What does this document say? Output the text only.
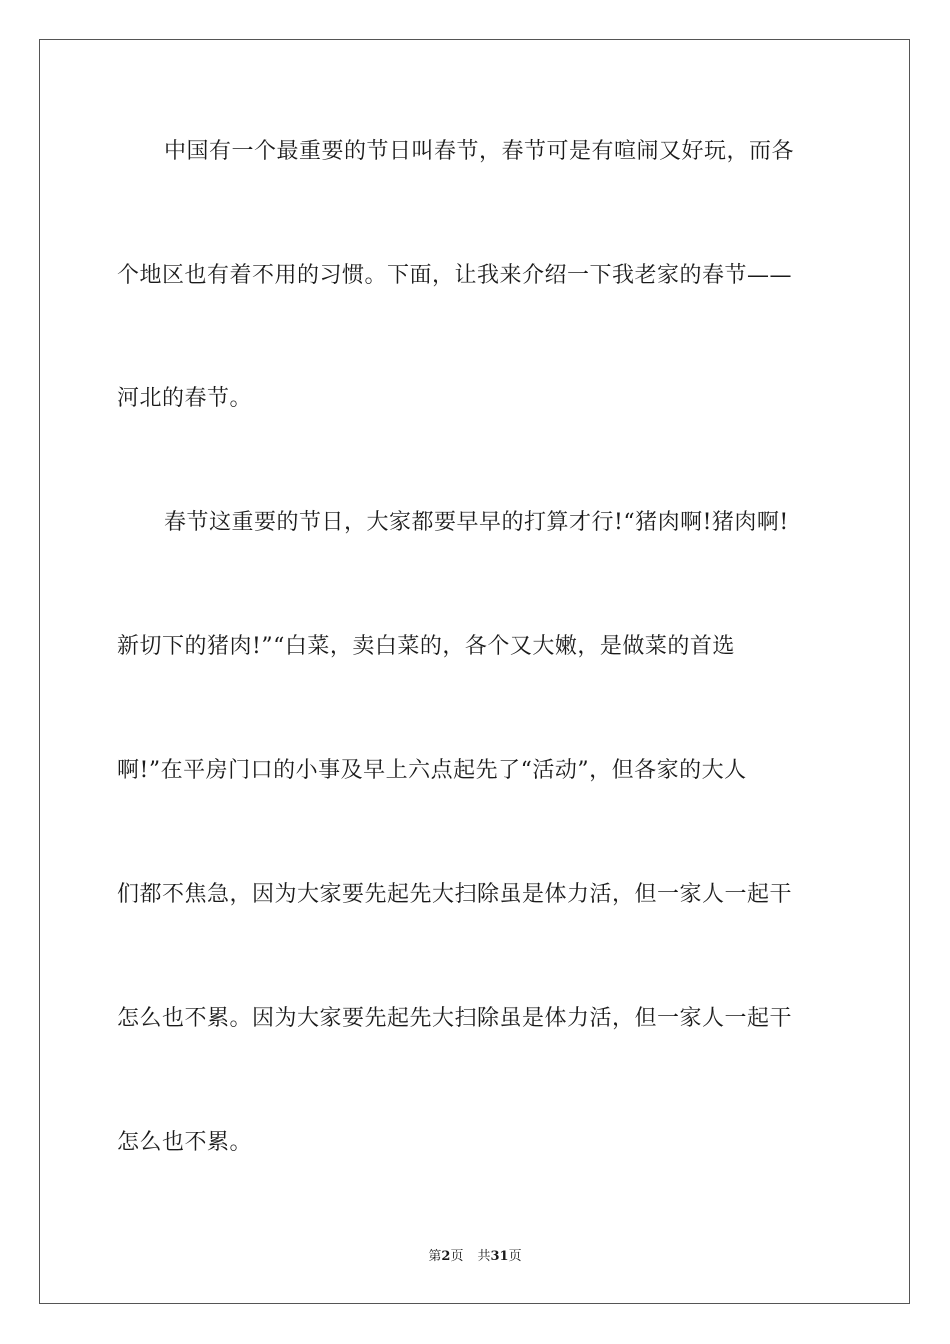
中国有一个最重要的节日叫春节，春节可是有喧闹又好玩，而各
个地区也有着不用的习惯。下面，让我来介绍一下我老家的春节——
河北的春节。
春节这重要的节日，大家都要早早的打算才行!“猪肉啊!猪肉啊!
新切下的猪肉!”“白菜，卖白菜的，各个又大嫩，是做菜的首选
啊!”在平房门口的小事及早上六点起先了“活动”，但各家的大人
们都不焦急，因为大家要先起先大扫除虽是体力活，但一家人一起干
怎么也不累。因为大家要先起先大扫除虽是体力活，但一家人一起干
怎么也不累。
第2页 共31页
